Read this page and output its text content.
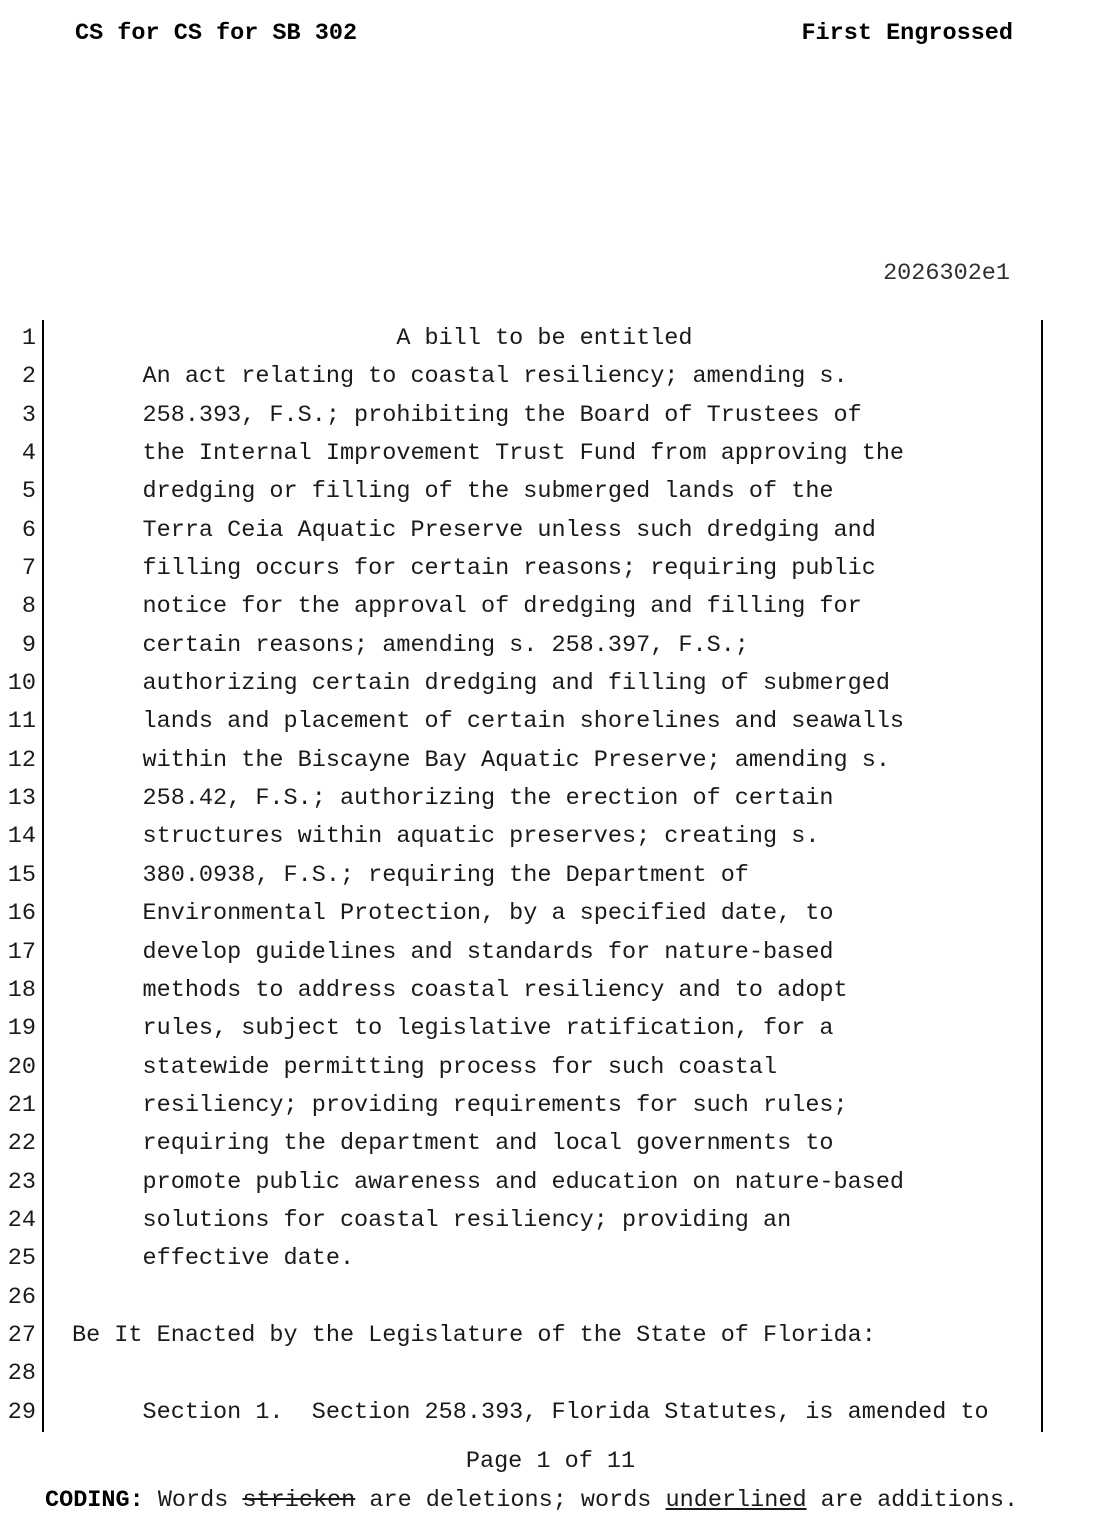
CS for CS for SB 302	First Engrossed
2026302e1
1	A bill to be entitled
2	An act relating to coastal resiliency; amending s.
3	258.393, F.S.; prohibiting the Board of Trustees of
4	the Internal Improvement Trust Fund from approving the
5	dredging or filling of the submerged lands of the
6	Terra Ceia Aquatic Preserve unless such dredging and
7	filling occurs for certain reasons; requiring public
8	notice for the approval of dredging and filling for
9	certain reasons; amending s. 258.397, F.S.;
10	authorizing certain dredging and filling of submerged
11	lands and placement of certain shorelines and seawalls
12	within the Biscayne Bay Aquatic Preserve; amending s.
13	258.42, F.S.; authorizing the erection of certain
14	structures within aquatic preserves; creating s.
15	380.0938, F.S.; requiring the Department of
16	Environmental Protection, by a specified date, to
17	develop guidelines and standards for nature-based
18	methods to address coastal resiliency and to adopt
19	rules, subject to legislative ratification, for a
20	statewide permitting process for such coastal
21	resiliency; providing requirements for such rules;
22	requiring the department and local governments to
23	promote public awareness and education on nature-based
24	solutions for coastal resiliency; providing an
25	effective date.
26
27	Be It Enacted by the Legislature of the State of Florida:
28
29	Section 1.  Section 258.393, Florida Statutes, is amended to
Page 1 of 11
CODING: Words stricken are deletions; words underlined are additions.
